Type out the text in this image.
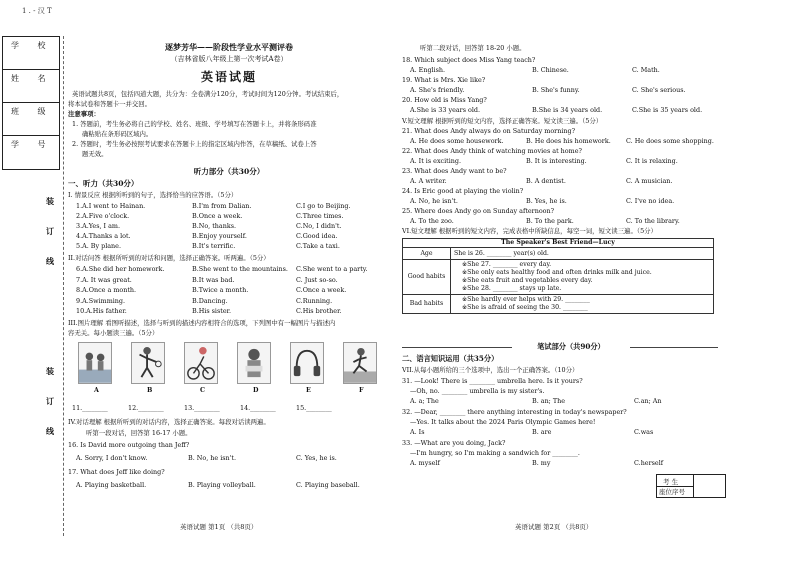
1 . ‐ 汉 T
学 校
姓 名
班 级
学 号
装
订
线
装
订
线
逐梦芳华——阶段性学业水平测评卷
（吉林省版八年级上第一次考试A卷）
英语试题
英语试题共8页，包括四道大题，共分为：全卷满分120分，考试时间为120分钟。考试结束后，
将本试卷和答题卡一并交回。
注意事项：
1. 答题前，考生务必将自己的学校、姓名、班级、学号填写在答题卡上，并将条形码准
确粘贴在条形码区域内。
2. 答题时，考生务必按照考试要求在答题卡上的指定区域内作答，在草稿纸、试卷上答
题无效。
听力部分（共30分）
一、听力（共30分）
I. 情景反应 根据所听到的句子，选择恰当的应答语。（5分）
1.A.I went to Hainan.	B.I'm from Dalian.	C.I go to Beijing.
2.A.Five o'clock.	B.Once a week.	C.Three times.
3.A.Yes, I am.	B.No, thanks.	C.No, I didn't.
4.A.Thanks a lot.	B.Enjoy yourself.	C.Good idea.
5.A. By plane.	B.It's terrific.	C.Take a taxi.
II.对话问答 根据所听到的对话和问题，选择正确答案。听两遍。（5分）
6.A.She did her homework.	B.She went to the mountains. C.She went to a party.
7.A. It was great.	B.It was bad.	C. Just so-so.
8.A.Once a month.	B.Twice a month.	C.Once a week.
9.A.Swimming.	B.Dancing.	C.Running.
10.A.His father.	B.His sister.	C.His brother.
III.图片理解 看图听描述，选择与听到的描述内容相符合的选项，下列图中有一幅图片与描述内
容无关。每小题读三遍。（5分）
A	B	C	D	E	F
11.________	12.________	13.________	14.________	15.________
IV.对话理解 根据所听到的对话内容，选择正确答案。每段对话读两遍。
听第一段对话，回答第 16-17 小题。
16. Is David more outgoing than Jeff?
A. Sorry, I don't know.	B. No, he isn't.	C. Yes, he is.
17. What does Jeff like doing?
A. Playing basketball.	B. Playing volleyball.	C. Playing baseball.
听第二段对话，回答第 18-20 小题。
18. Which subject does Miss Yang teach?
A. English.	B. Chinese.	C. Math.
19. What is Mrs. Xie like?
A. She's friendly.	B. She's funny.	C. She's serious.
20. How old is Miss Yang?
A.She is 33 years old.	B.She is 34 years old.	C.She is 35 years old.
V.短文理解 根据听到的短文内容，选择正确答案。短文读三遍。（5分）
21. What does Andy always do on Saturday morning?
A. He does some housework.	B. He does his homework. C. He does some shopping.
22. What does Andy think of watching movies at home?
A. It is exciting.	B. It is interesting.	C. It is relaxing.
23. What does Andy want to be?
A. A writer.	B. A dentist.	C. A musician.
24. Is Eric good at playing the violin?
A. No, he isn't.	B. Yes, he is.	C. I've no idea.
25. Where does Andy go on Sunday afternoon?
A. To the zoo.	B. To the park.	C. To the library.
VI.短文理解 根据听到的短文内容，完成表格中所缺信息，每空一词，短文读三遍。（5分）
The Speaker's Best Friend—Lucy	
Age	She is 26. ________ year(s) old.
Good habits	※She 27. ________ every day.
※She only eats healthy food and often drinks milk and juice.
※She eats fruit and vegetables every day.
※She 28. ________ stays up late.

Bad habits	※She hardly ever helps with 29. ________
※She is afraid of seeing the 30. ________
笔试部分（共90分）
二、语言知识运用（共35分）
VII.从每小题所给的三个选项中，选出一个正确答案。（10分）
31. —Look! There is ________ umbrella here. Is it yours?
—Oh, no. ________ umbrella is my sister's.
A. a; The	B. an; The	C.an; An
32. —Dear, ________ there anything interesting in today's newspaper?
—Yes. It talks about the 2024 Paris Olympic Games here!
A. Is	B. are	C.was
33. —What are you doing, Jack?
—I'm hungry, so I'm making a sandwich for ________.
A. myself	B. my	C.herself
考 生
座位序号
英语试题 第1页 （共8页）	英语试题 第2页 （共8页）
